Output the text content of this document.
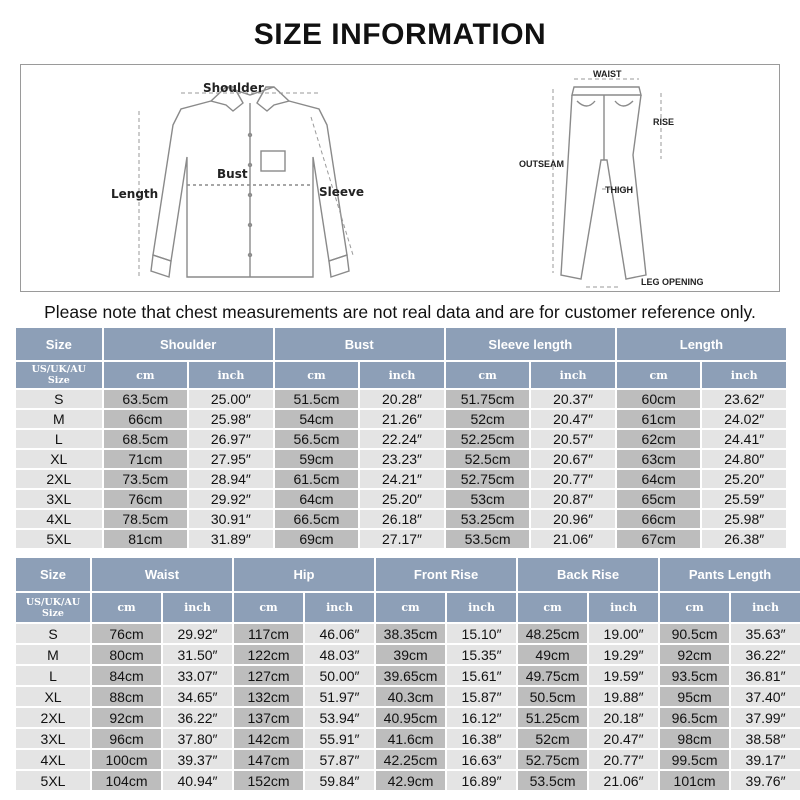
SIZE INFORMATION
Shoulder
Bust
Length	Sleeve
WAIST
RISE
OUTSEAM
THIGH
LEG OPENING
Please note that chest measurements are not real data and are for customer reference only.
Size	Shoulder		Bust		Sleeve length		Length	
US/UK/AU
Size	cm	inch	cm	inch	cm	inch	cm	inch
S	63.5cm	25.00″	51.5cm	20.28″	51.75cm	20.37″	60cm	23.62″
M	66cm	25.98″	54cm	21.26″	52cm	20.47″	61cm	24.02″
L	68.5cm	26.97″	56.5cm	22.24″	52.25cm	20.57″	62cm	24.41″
XL	71cm	27.95″	59cm	23.23″	52.5cm	20.67″	63cm	24.80″
2XL	73.5cm	28.94″	61.5cm	24.21″	52.75cm	20.77″	64cm	25.20″
3XL	76cm	29.92″	64cm	25.20″	53cm	20.87″	65cm	25.59″
4XL	78.5cm	30.91″	66.5cm	26.18″	53.25cm	20.96″	66cm	25.98″
5XL	81cm	31.89″	69cm	27.17″	53.5cm	21.06″	67cm	26.38″
Size	Waist		Hip		Front Rise		Back Rise		Pants Length	
US/UK/AU
Size	cm	inch	cm	inch	cm	inch	cm	inch	cm	inch
S	76cm	29.92″	117cm	46.06″	38.35cm	15.10″	48.25cm	19.00″	90.5cm	35.63″
M	80cm	31.50″	122cm	48.03″	39cm	15.35″	49cm	19.29″	92cm	36.22″
L	84cm	33.07″	127cm	50.00″	39.65cm	15.61″	49.75cm	19.59″	93.5cm	36.81″
XL	88cm	34.65″	132cm	51.97″	40.3cm	15.87″	50.5cm	19.88″	95cm	37.40″
2XL	92cm	36.22″	137cm	53.94″	40.95cm	16.12″	51.25cm	20.18″	96.5cm	37.99″
3XL	96cm	37.80″	142cm	55.91″	41.6cm	16.38″	52cm	20.47″	98cm	38.58″
4XL	100cm	39.37″	147cm	57.87″	42.25cm	16.63″	52.75cm	20.77″	99.5cm	39.17″
5XL	104cm	40.94″	152cm	59.84″	42.9cm	16.89″	53.5cm	21.06″	101cm	39.76″
